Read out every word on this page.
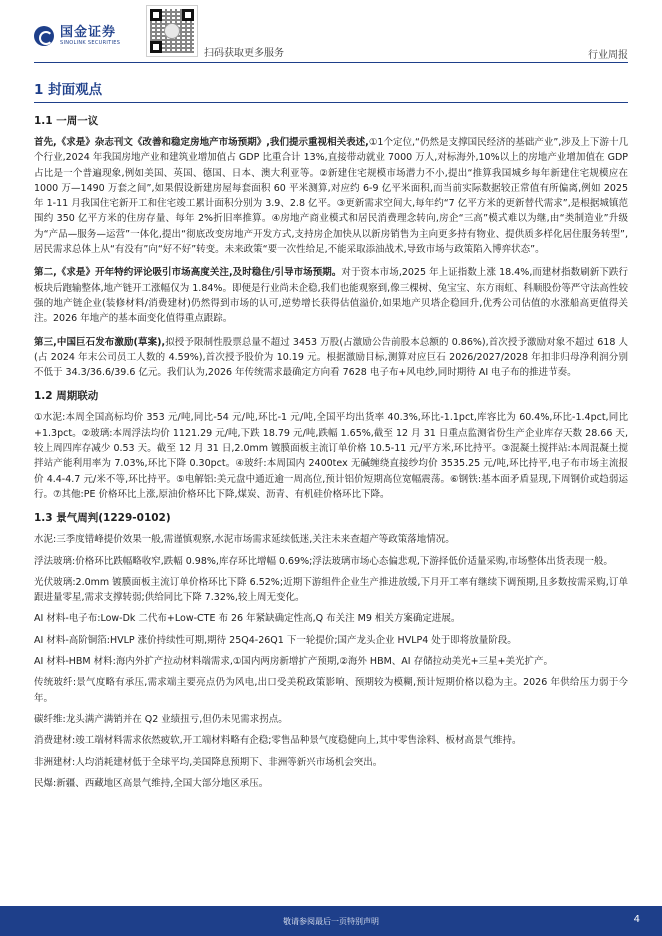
国金证券
SINOLINK SECURITIES
扫码获取更多服务	行业周报
1 封面观点
1.1 一周一议

首先,《求是》杂志刊文《改善和稳定房地产市场预期》,我们提示重视相关表述,①1个定位,“仍然是支撑国民经济的基础产业”,涉及上下游十几个行业,2024 年我国房地产业和建筑业增加值占 GDP 比重合计 13%,直接带动就业 7000 万人,对标海外,10%以上的房地产业增加值在 GDP 占比是一个普遍现象,例如美国、英国、德国、日本、澳大利亚等。②新建住宅规模市场潜力不小,提出“推算我国城乡每年新建住宅规模应在 1000 万—1490 万套之间”,如果假设新建房屋每套面积 60 平米测算,对应约 6-9 亿平米面积,而当前实际数据较正常值有所偏离,例如 2025 年 1-11 月我国住宅新开工和住宅竣工累计面积分别为 3.9、2.8 亿平。③更新需求空间大,每年约“7 亿平方米的更新替代需求”,是根据城镇范围约 350 亿平方米的住房存量、每年 2%折旧率推算。④房地产商业模式和居民消费理念转向,房企“三高”模式难以为继,由“类制造业”升级为“产品—服务—运营”一体化,提出“彻底改变房地产开发方式,支持房企加快从以新房销售为主向更多持有物业、提供质多样化居住服务转型”,居民需求总体上从“有没有”向“好不好”转变。未来政策“要一次性给足,不能采取添油战术,导致市场与政策陷入博弈状态”。

第二,《求是》开年特约评论吸引市场高度关注,及时稳住/引导市场预期。对于资本市场,2025 年上证指数上涨 18.4%,而建材指数刷新下跌行板块后跑输整体,地产链开工涨幅仅为 1.84%。即便是行业尚未企稳,我们也能观察到,像三棵树、兔宝宝、东方雨虹、科顺股份等严守法高性较强的地产链企业(装修材料/消费建材)仍然得到市场的认可,逆势增长获得估值溢价,如果地产贝塔企稳回升,优秀公司估值的水涨船高更值得关注。2026 年地产的基本面变化值得重点跟踪。

第三,中国巨石发布激励(草案),拟授予限制性股票总量不超过 3453 万股(占激励公告前股本总额的 0.86%),首次授予激励对象不超过 618 人(占 2024 年末公司员工人数的 4.59%),首次授予股价为 10.19 元。根据激励目标,测算对应巨石 2026/2027/2028 年扣非归母净利润分别不低于 34.3/36.6/39.6 亿元。我们认为,2026 年传统需求最确定方向看 7628 电子布+风电纱,同时期待 AI 电子布的推进节奏。

1.2 周期联动

①水泥:本周全国高标均价 353 元/吨,同比-54 元/吨,环比-1 元/吨,全国平均出货率 40.3%,环比-1.1pct,库容比为 60.4%,环比-1.4pct,同比+1.3pct。②玻璃:本周浮法均价 1121.29 元/吨,下跌 18.79 元/吨,跌幅 1.65%,截至 12 月 31 日重点监测省份生产企业库存天数 28.66 天,较上周四库存减少 0.53 天。截至 12 月 31 日,2.0mm 镀膜面板主流订单价格 10.5-11 元/平方米,环比持平。③混凝土搅拌站:本周混凝土搅拌站产能利用率为 7.03%,环比下降 0.30pct。④玻纤:本周国内 2400tex 无碱缠绕直接纱均价 3535.25 元/吨,环比持平,电子布市场主流报价 4.4-4.7 元/米不等,环比持平。⑤电解铝:美元盘中通近逾一周高位,预计铝价短期高位宽幅震荡。⑥钢铁:基本面矛盾显现,下周钢价或趋弱运行。⑦其他:PE 价格环比上涨,原油价格环比下降,煤炭、沥青、有机硅价格环比下降。

1.3 景气周判(1229-0102)

水泥:三季度错峰提价效果一般,需谨慎观察,水泥市场需求延续低迷,关注未来查超产等政策落地情况。

浮法玻璃:价格环比跌幅略收窄,跌幅 0.98%,库存环比增幅 0.69%;浮法玻璃市场心态偏悲观,下游择低价适量采购,市场整体出货表现一般。

光伏玻璃:2.0mm 镀膜面板主流订单价格环比下降 6.52%;近期下游组件企业生产推进放缓,下月开工率有继续下调预期,且多数按需采购,订单跟进量零星,需求支撑转弱;供给同比下降 7.32%,较上周无变化。

AI 材料-电子布:Low-Dk 二代布+Low-CTE 布 26 年紧缺确定性高,Q 布关注 M9 相关方案确定进展。

AI 材料-高阶铜箔:HVLP 涨价持续性可期,期待 25Q4-26Q1 下一轮提价;国产龙头企业 HVLP4 处于即将放量阶段。

AI 材料-HBM 材料:海内外扩产拉动材料端需求,①国内两房新增扩产预期,②海外 HBM、AI 存储拉动美光+三星+美光扩产。

传统玻纤:景气度略有承压,需求端主要亮点仍为风电,出口受美税政策影响、预期较为模糊,预计短期价格以稳为主。2026 年供给压力弱于今年。

碳纤维:龙头满产满销并在 Q2 业绩扭亏,但仍未见需求拐点。

消费建材:竣工端材料需求依然疲软,开工端材料略有企稳;零售品种景气度稳健向上,其中零售涂料、板材高景气维持。

非洲建材:人均消耗建材低于全球平均,美国降息预期下、非洲等新兴市场机会突出。

民爆:新疆、西藏地区高景气维持,全国大部分地区承压。

敬请参阅最后一页特别声明	4
